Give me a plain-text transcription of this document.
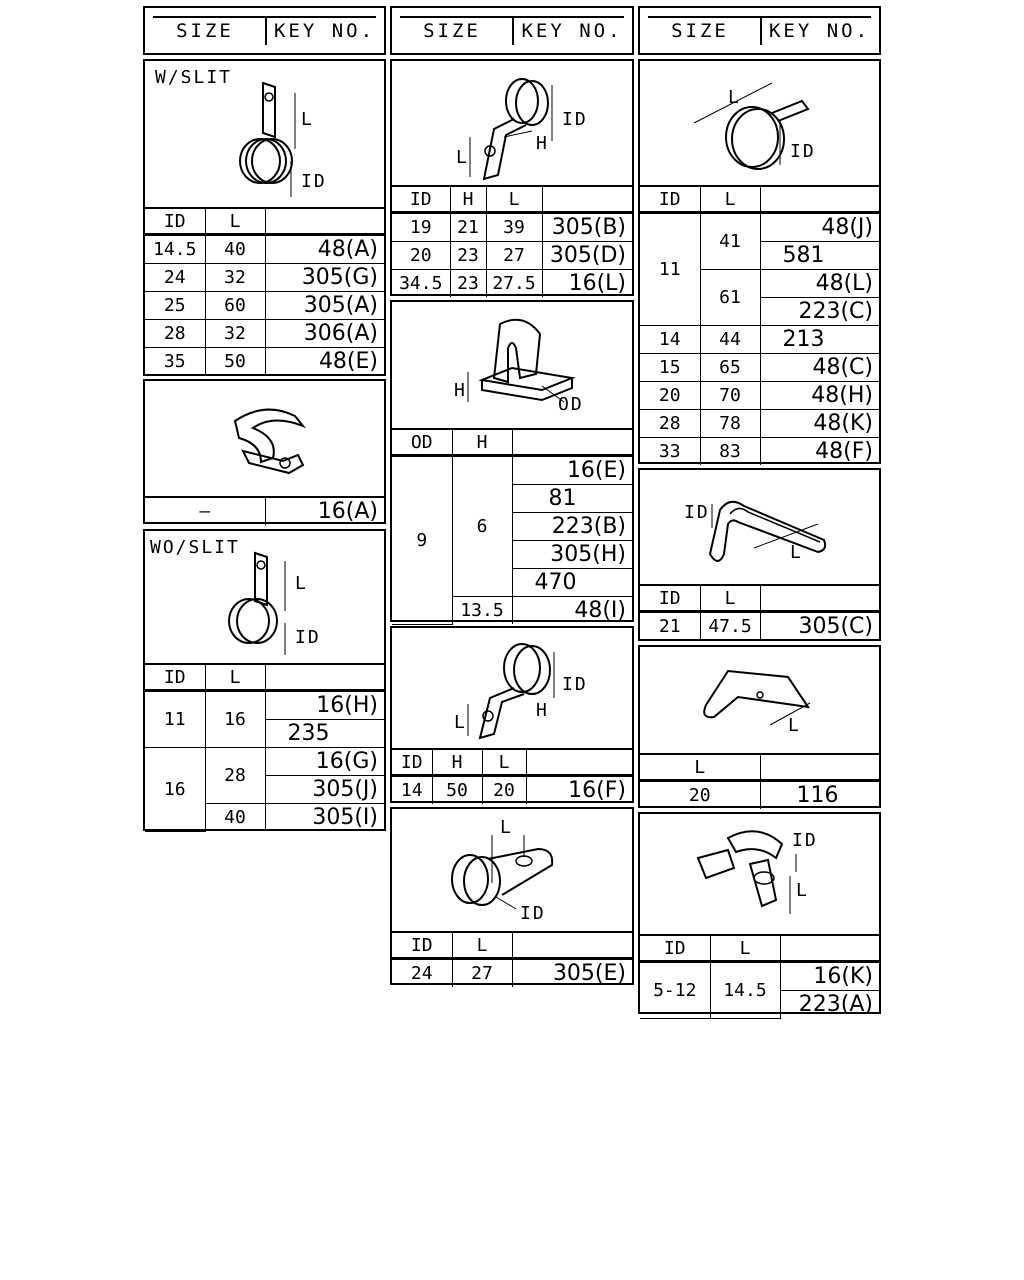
SIZE	KEY NO.	SIZE	KEY NO.	SIZE	KEY NO.
W/SLIT
L
ID
ID	L	
14.5	40	48(A)
24	32	305(G)
25	60	305(A)
28	32	306(A)
35	50	48(E)
—	16(A)
WO/SLIT
L
ID
ID	L	
11	16	16(H)
		235
16	28	16(G)
		305(J)
	40	305(I)
ID
H
L
ID	H	L	
19	21	39	305(B)
20	23	27	305(D)
34.5	23	27.5	16(L)
H
OD
OD	H	
9	6	16(E)
		81
		223(B)
		305(H)
		470
	13.5	48(I)
ID
H
L
ID	H	L	
14	50	20	16(F)
L
ID
ID	L	
24	27	305(E)
L
ID
ID	L	
11	41	48(J)
		581
	61	48(L)
		223(C)
14	44	213
15	65	48(C)
20	70	48(H)
28	78	48(K)
33	83	48(F)
ID
L
ID	L	
21	47.5	305(C)
L
L	
20	116
ID
L
ID	L	
5-12	14.5	16(K)
		223(A)
